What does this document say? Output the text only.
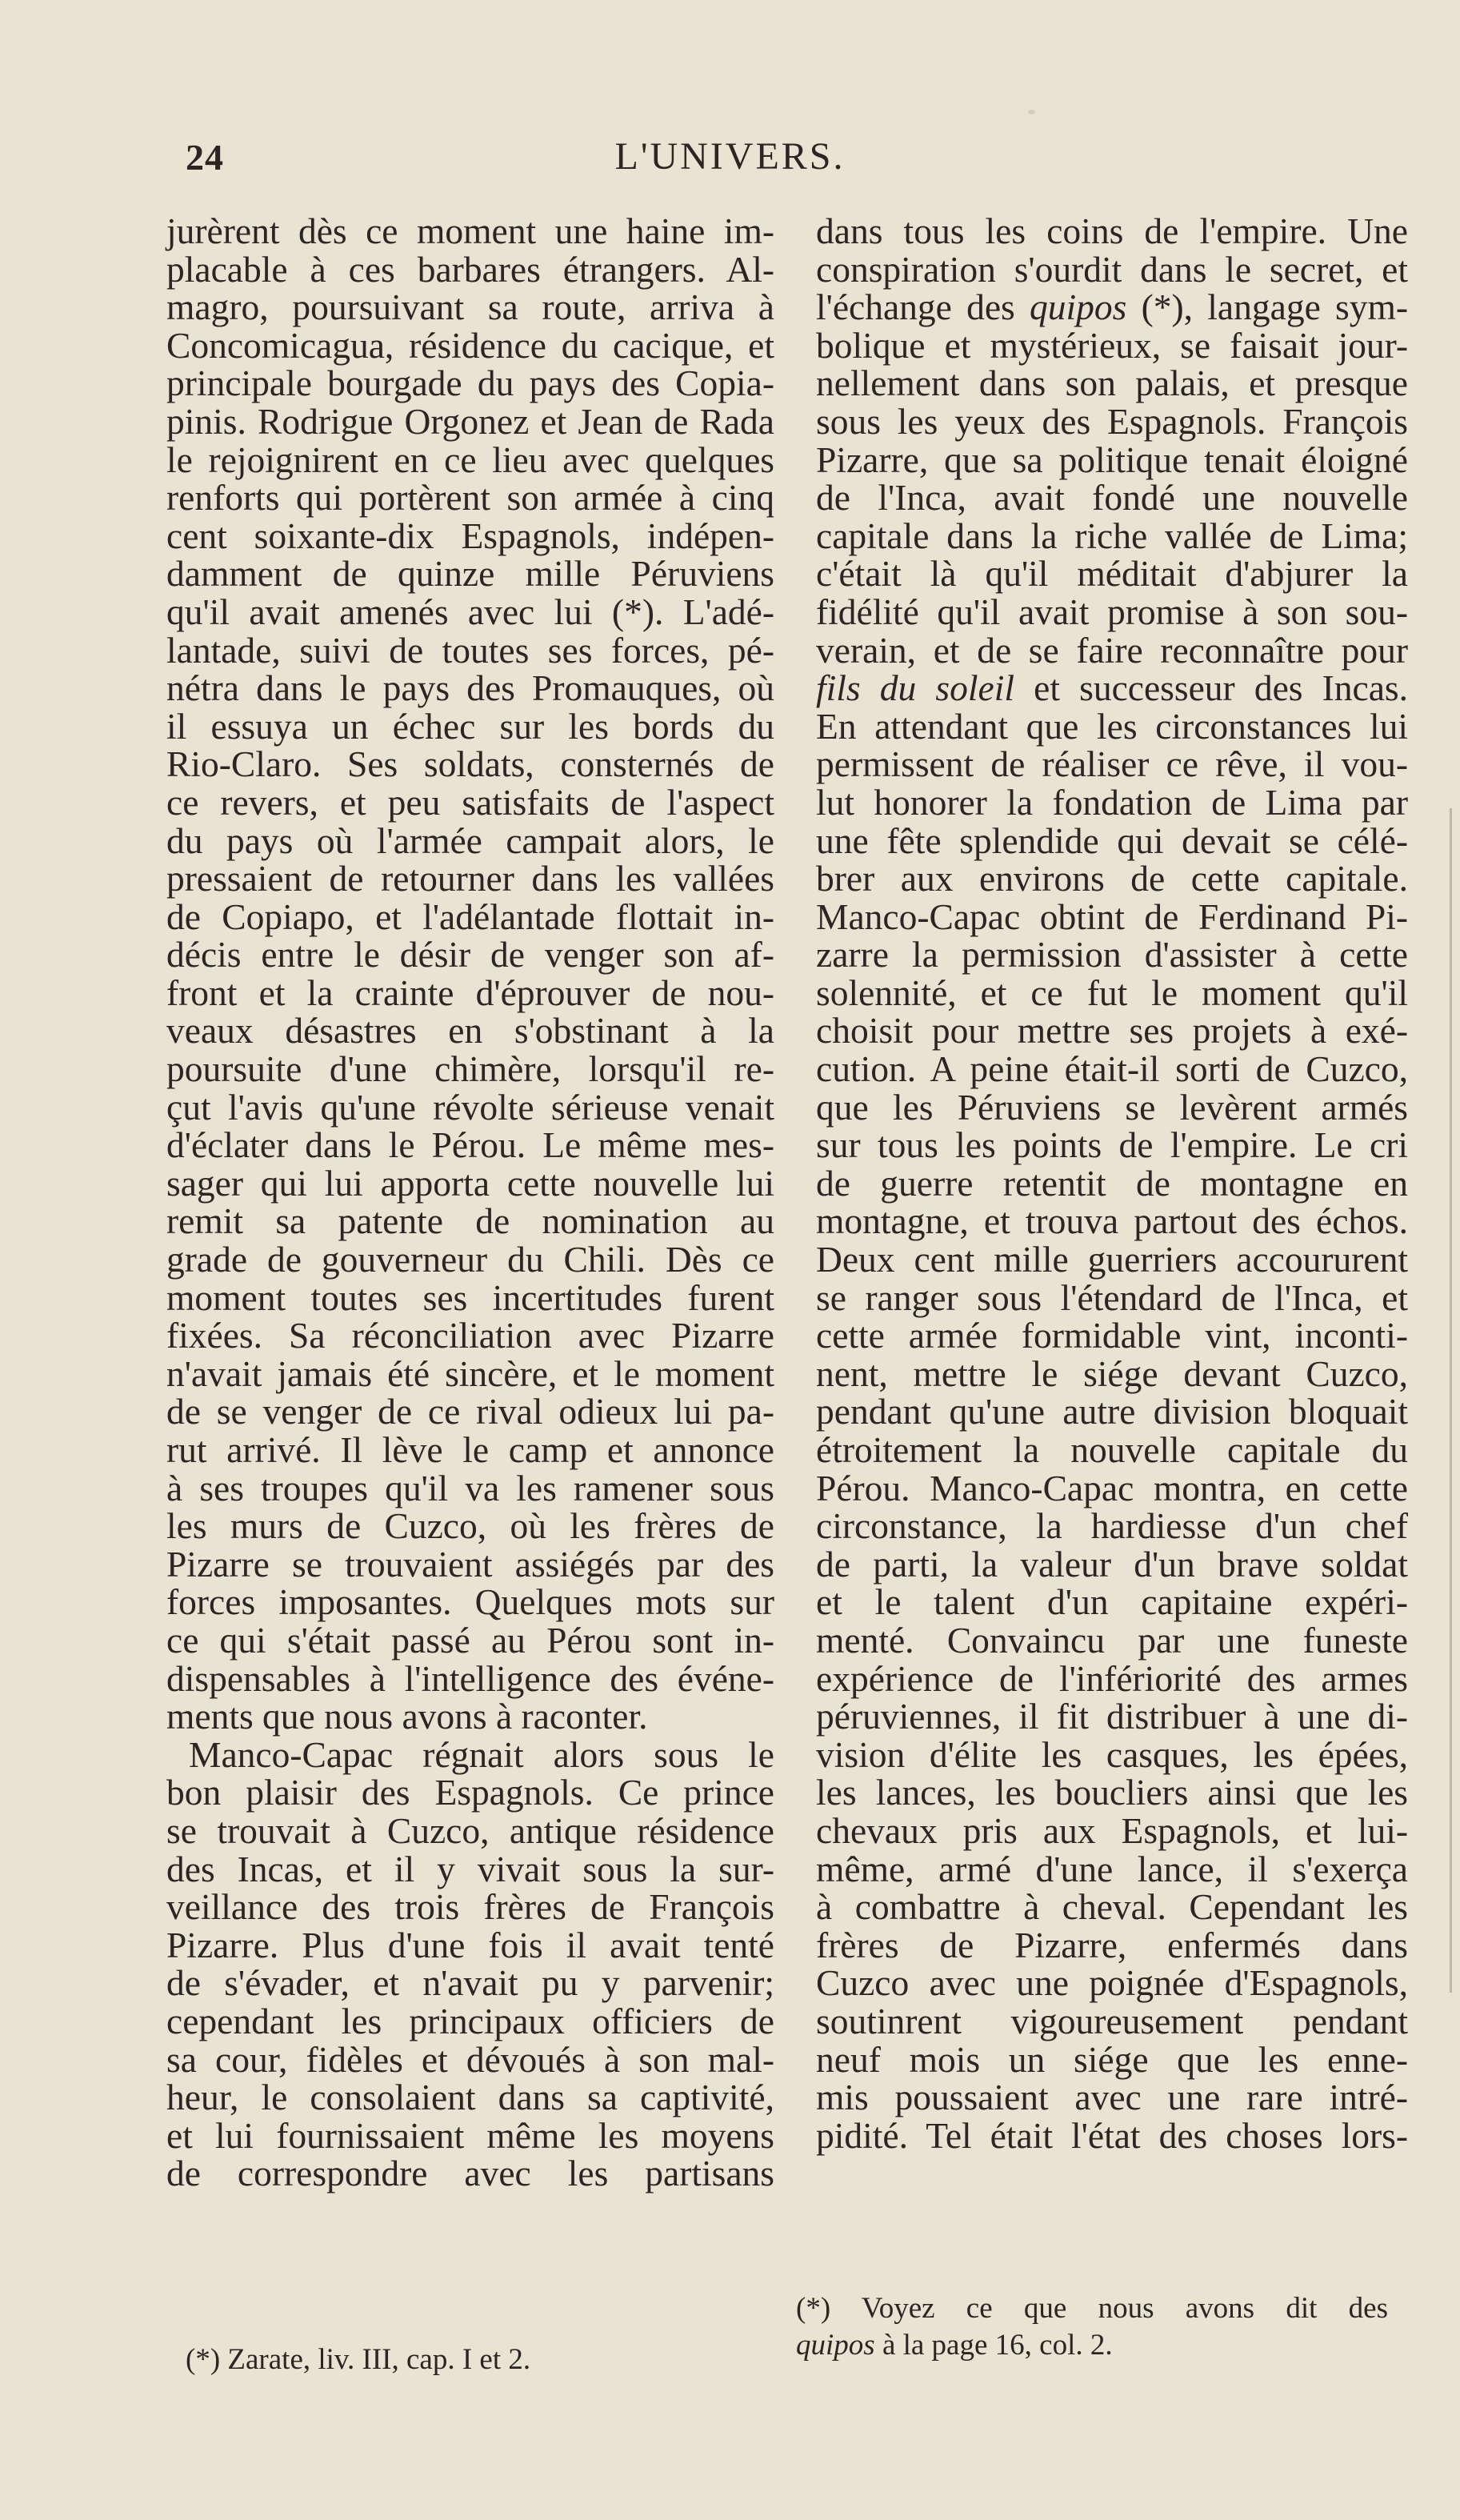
24	L'UNIVERS.
jurèrent dès ce moment une haine im-
placable à ces barbares étrangers. Al-
magro, poursuivant sa route, arriva à
Concomicagua, résidence du cacique, et
principale bourgade du pays des Copia-
pinis. Rodrigue Orgonez et Jean de Rada
le rejoignirent en ce lieu avec quelques
renforts qui portèrent son armée à cinq
cent soixante-dix Espagnols, indépen-
damment de quinze mille Péruviens
qu'il avait amenés avec lui (*). L'adé-
lantade, suivi de toutes ses forces, pé-
nétra dans le pays des Promauques, où
il essuya un échec sur les bords du
Rio-Claro. Ses soldats, consternés de
ce revers, et peu satisfaits de l'aspect
du pays où l'armée campait alors, le
pressaient de retourner dans les vallées
de Copiapo, et l'adélantade flottait in-
décis entre le désir de venger son af-
front et la crainte d'éprouver de nou-
veaux désastres en s'obstinant à la
poursuite d'une chimère, lorsqu'il re-
çut l'avis qu'une révolte sérieuse venait
d'éclater dans le Pérou. Le même mes-
sager qui lui apporta cette nouvelle lui
remit sa patente de nomination au
grade de gouverneur du Chili. Dès ce
moment toutes ses incertitudes furent
fixées. Sa réconciliation avec Pizarre
n'avait jamais été sincère, et le moment
de se venger de ce rival odieux lui pa-
rut arrivé. Il lève le camp et annonce
à ses troupes qu'il va les ramener sous
les murs de Cuzco, où les frères de
Pizarre se trouvaient assiégés par des
forces imposantes. Quelques mots sur
ce qui s'était passé au Pérou sont in-
dispensables à l'intelligence des événe-
ments que nous avons à raconter.
Manco-Capac régnait alors sous le
bon plaisir des Espagnols. Ce prince
se trouvait à Cuzco, antique résidence
des Incas, et il y vivait sous la sur-
veillance des trois frères de François
Pizarre. Plus d'une fois il avait tenté
de s'évader, et n'avait pu y parvenir;
cependant les principaux officiers de
sa cour, fidèles et dévoués à son mal-
heur, le consolaient dans sa captivité,
et lui fournissaient même les moyens
de correspondre avec les partisans
dans tous les coins de l'empire. Une
conspiration s'ourdit dans le secret, et
l'échange des quipos (*), langage sym-
bolique et mystérieux, se faisait jour-
nellement dans son palais, et presque
sous les yeux des Espagnols. François
Pizarre, que sa politique tenait éloigné
de l'Inca, avait fondé une nouvelle
capitale dans la riche vallée de Lima;
c'était là qu'il méditait d'abjurer la
fidélité qu'il avait promise à son sou-
verain, et de se faire reconnaître pour
fils du soleil et successeur des Incas.
En attendant que les circonstances lui
permissent de réaliser ce rêve, il vou-
lut honorer la fondation de Lima par
une fête splendide qui devait se célé-
brer aux environs de cette capitale.
Manco-Capac obtint de Ferdinand Pi-
zarre la permission d'assister à cette
solennité, et ce fut le moment qu'il
choisit pour mettre ses projets à exé-
cution. A peine était-il sorti de Cuzco,
que les Péruviens se levèrent armés
sur tous les points de l'empire. Le cri
de guerre retentit de montagne en
montagne, et trouva partout des échos.
Deux cent mille guerriers accoururent
se ranger sous l'étendard de l'Inca, et
cette armée formidable vint, inconti-
nent, mettre le siége devant Cuzco,
pendant qu'une autre division bloquait
étroitement la nouvelle capitale du
Pérou. Manco-Capac montra, en cette
circonstance, la hardiesse d'un chef
de parti, la valeur d'un brave soldat
et le talent d'un capitaine expéri-
menté. Convaincu par une funeste
expérience de l'infériorité des armes
péruviennes, il fit distribuer à une di-
vision d'élite les casques, les épées,
les lances, les boucliers ainsi que les
chevaux pris aux Espagnols, et lui-
même, armé d'une lance, il s'exerça
à combattre à cheval. Cependant les
frères de Pizarre, enfermés dans
Cuzco avec une poignée d'Espagnols,
soutinrent vigoureusement pendant
neuf mois un siége que les enne-
mis poussaient avec une rare intré-
pidité. Tel était l'état des choses lors-
(*) Zarate, liv. III, cap. I et 2.
(*) Voyez ce que nous avons dit des
quipos à la page 16, col. 2.
